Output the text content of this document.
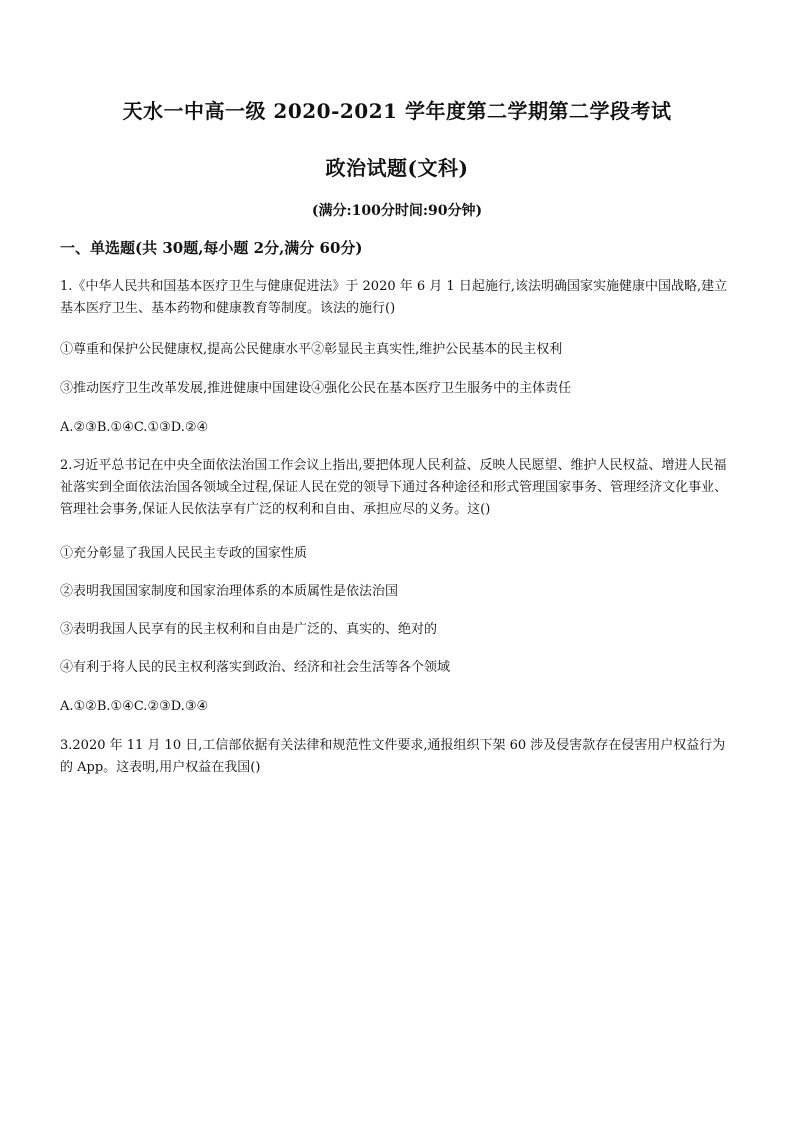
天水一中高一级 2020-2021 学年度第二学期第二学段考试
政治试题(文科)
(满分:100分时间:90分钟)
一、单选题(共 30题,每小题 2分,满分 60分)
1.《中华人民共和国基本医疗卫生与健康促进法》于 2020 年 6 月 1 日起施行,该法明确国家实施健康中国战略,建立基本医疗卫生、基本药物和健康教育等制度。该法的施行()
①尊重和保护公民健康权,提高公民健康水平②彰显民主真实性,维护公民基本的民主权利
③推动医疗卫生改革发展,推进健康中国建设④强化公民在基本医疗卫生服务中的主体责任
A.②③B.①④C.①③D.②④
2.习近平总书记在中央全面依法治国工作会议上指出,要把体现人民利益、反映人民愿望、维护人民权益、增进人民福祉落实到全面依法治国各领域全过程,保证人民在党的领导下通过各种途径和形式管理国家事务、管理经济文化事业、管理社会事务,保证人民依法享有广泛的权利和自由、承担应尽的义务。这()
①充分彰显了我国人民民主专政的国家性质
②表明我国国家制度和国家治理体系的本质属性是依法治国
③表明我国人民享有的民主权利和自由是广泛的、真实的、绝对的
④有利于将人民的民主权利落实到政治、经济和社会生活等各个领域
A.①②B.①④C.②③D.③④
3.2020 年 11 月 10 日,工信部依据有关法律和规范性文件要求,通报组织下架 60 涉及侵害款存在侵害用户权益行为的 App。这表明,用户权益在我国()
